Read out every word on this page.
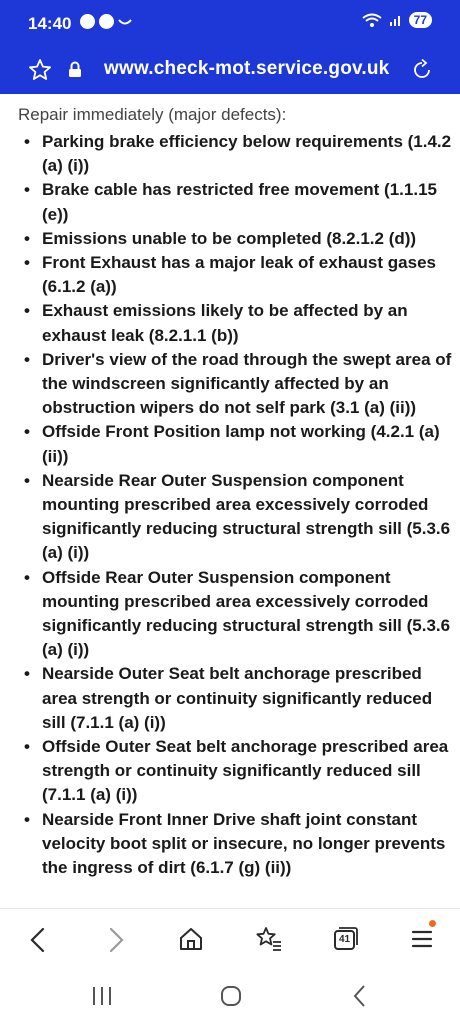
14:40	77
www.check-mot.service.gov.uk
Repair immediately (major defects):
• Parking brake efficiency below requirements (1.4.2 (a) (i))
• Brake cable has restricted free movement (1.1.15 (e))
• Emissions unable to be completed (8.2.1.2 (d))
• Front Exhaust has a major leak of exhaust gases (6.1.2 (a))
• Exhaust emissions likely to be affected by an exhaust leak (8.2.1.1 (b))
• Driver's view of the road through the swept area of the windscreen significantly affected by an obstruction wipers do not self park (3.1 (a) (ii))
• Offside Front Position lamp not working (4.2.1 (a) (ii))
• Nearside Rear Outer Suspension component mounting prescribed area excessively corroded significantly reducing structural strength sill (5.3.6 (a) (i))
• Offside Rear Outer Suspension component mounting prescribed area excessively corroded significantly reducing structural strength sill (5.3.6 (a) (i))
• Nearside Outer Seat belt anchorage prescribed area strength or continuity significantly reduced sill (7.1.1 (a) (i))
• Offside Outer Seat belt anchorage prescribed area strength or continuity significantly reduced sill (7.1.1 (a) (i))
• Nearside Front Inner Drive shaft joint constant velocity boot split or insecure, no longer prevents the ingress of dirt (6.1.7 (g) (ii))
41
